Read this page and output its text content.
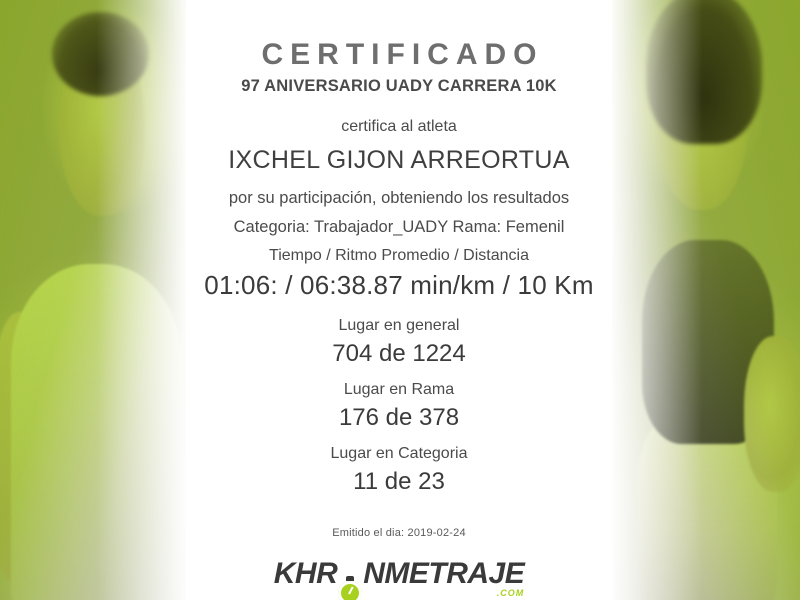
CERTIFICADO
97 ANIVERSARIO UADY CARRERA 10K
certifica al atleta
IXCHEL GIJON ARREORTUA
por su participación, obteniendo los resultados
Categoria: Trabajador_UADY Rama: Femenil
Tiempo / Ritmo Promedio / Distancia
01:06: / 06:38.87 min/km / 10 Km
Lugar en general
704 de 1224
Lugar en Rama
176 de 378
Lugar en Categoria
11 de 23
Emitido el dia: 2019-02-24
KHR NMETRAJE
.COM
